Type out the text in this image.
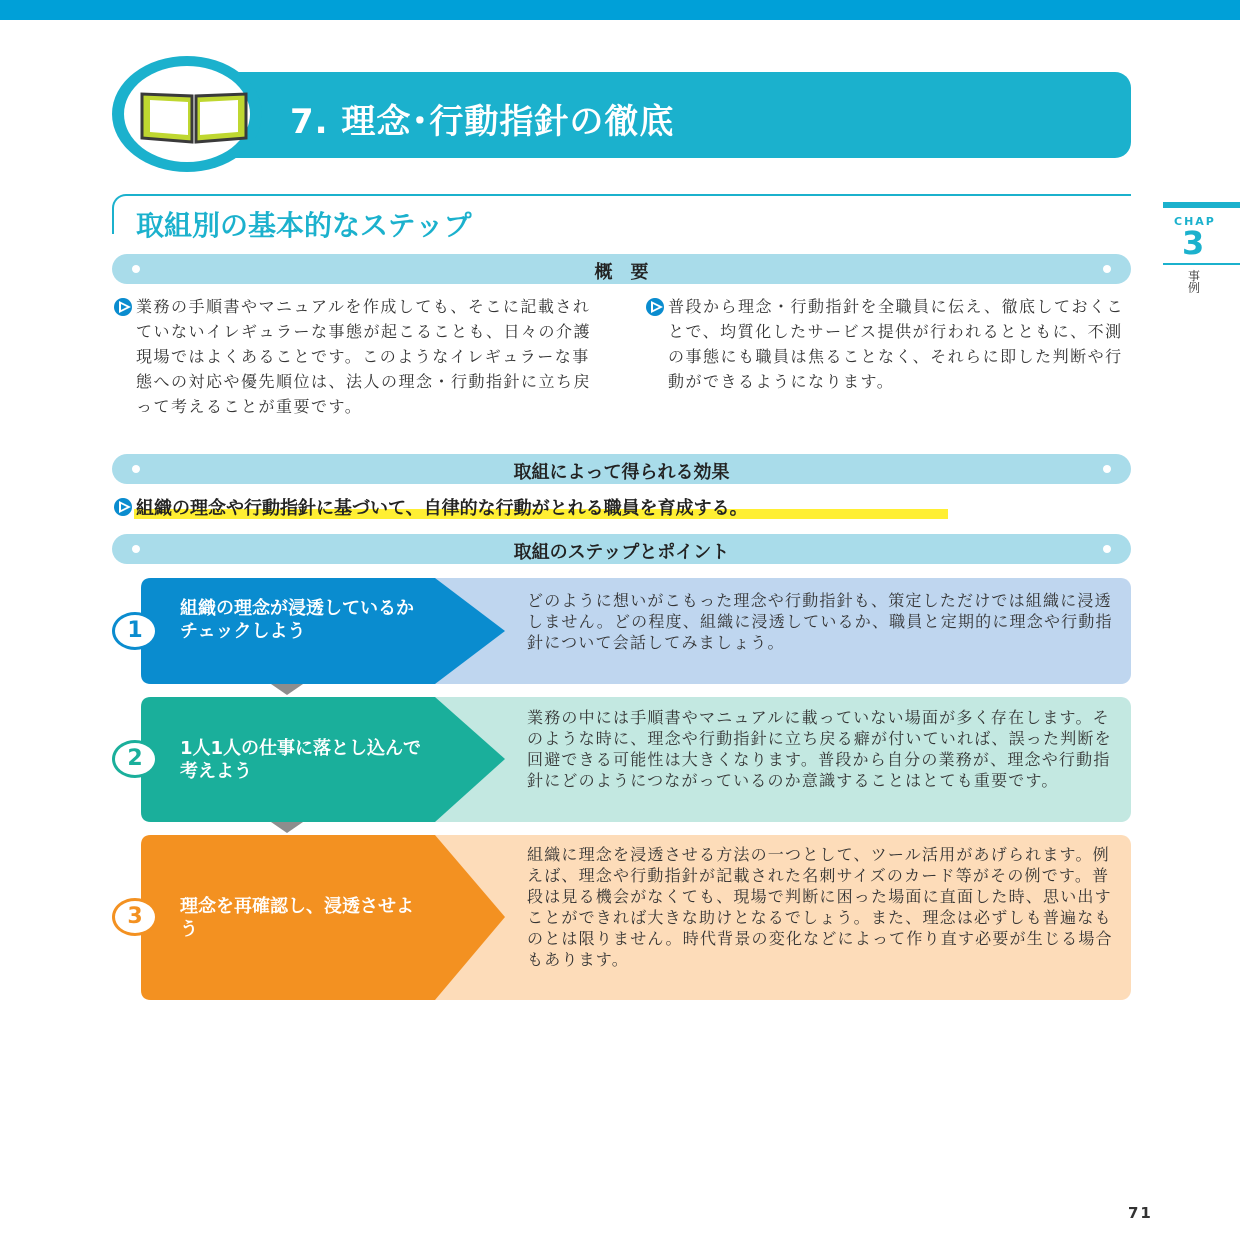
7. 理念･行動指針の徹底
CHAP
3
事例
取組別の基本的なステップ
概　要
業務の手順書やマニュアルを作成しても、そこに記載されていないイレギュラーな事態が起こることも、日々の介護現場ではよくあることです。このようなイレギュラーな事態への対応や優先順位は、法人の理念・行動指針に立ち戻って考えることが重要です。
普段から理念・行動指針を全職員に伝え、徹底しておくことで、均質化したサービス提供が行われるとともに、不測の事態にも職員は焦ることなく、それらに即した判断や行動ができるようになります。
取組によって得られる効果
組織の理念や行動指針に基づいて、自律的な行動がとれる職員を育成する。
取組のステップとポイント
1
組織の理念が浸透しているかチェックしよう
どのように想いがこもった理念や行動指針も、策定しただけでは組織に浸透しません。どの程度、組織に浸透しているか、職員と定期的に理念や行動指針について会話してみましょう。
2	1人1人の仕事に落とし込んで考えよう
業務の中には手順書やマニュアルに載っていない場面が多く存在します。そのような時に、理念や行動指針に立ち戻る癖が付いていれば、誤った判断を回避できる可能性は大きくなります。普段から自分の業務が、理念や行動指針にどのようにつながっているのか意識することはとても重要です。
3	理念を再確認し、浸透させよう
組織に理念を浸透させる方法の一つとして、ツール活用があげられます。例えば、理念や行動指針が記載された名刺サイズのカード等がその例です。普段は見る機会がなくても、現場で判断に困った場面に直面した時、思い出すことができれば大きな助けとなるでしょう。また、理念は必ずしも普遍なものとは限りません。時代背景の変化などによって作り直す必要が生じる場合もあります。
71
